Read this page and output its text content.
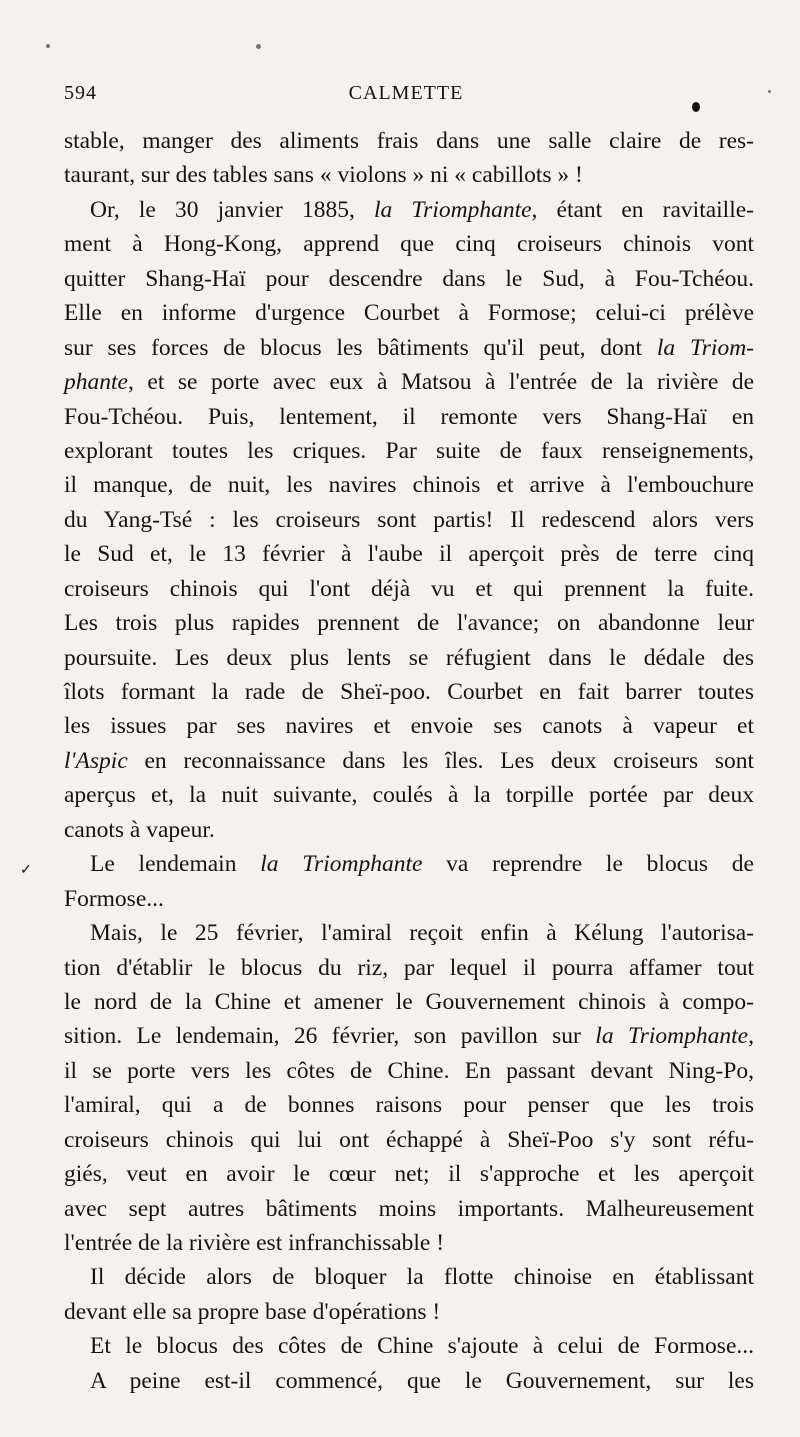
594	CALMETTE
✓
stable, manger des aliments frais dans une salle claire de res-
taurant, sur des tables sans « violons » ni « cabillots » !
Or, le 30 janvier 1885, la Triomphante, étant en ravitaille-
ment à Hong-Kong, apprend que cinq croiseurs chinois vont
quitter Shang-Haï pour descendre dans le Sud, à Fou-Tchéou.
Elle en informe d'urgence Courbet à Formose; celui-ci prélève
sur ses forces de blocus les bâtiments qu'il peut, dont la Triom-
phante, et se porte avec eux à Matsou à l'entrée de la rivière de
Fou-Tchéou. Puis, lentement, il remonte vers Shang-Haï en
explorant toutes les criques. Par suite de faux renseignements,
il manque, de nuit, les navires chinois et arrive à l'embouchure
du Yang-Tsé : les croiseurs sont partis! Il redescend alors vers
le Sud et, le 13 février à l'aube il aperçoit près de terre cinq
croiseurs chinois qui l'ont déjà vu et qui prennent la fuite.
Les trois plus rapides prennent de l'avance; on abandonne leur
poursuite. Les deux plus lents se réfugient dans le dédale des
îlots formant la rade de Sheï-poo. Courbet en fait barrer toutes
les issues par ses navires et envoie ses canots à vapeur et
l'Aspic en reconnaissance dans les îles. Les deux croiseurs sont
aperçus et, la nuit suivante, coulés à la torpille portée par deux
canots à vapeur.
Le lendemain la Triomphante va reprendre le blocus de
Formose...
Mais, le 25 février, l'amiral reçoit enfin à Kélung l'autorisa-
tion d'établir le blocus du riz, par lequel il pourra affamer tout
le nord de la Chine et amener le Gouvernement chinois à compo-
sition. Le lendemain, 26 février, son pavillon sur la Triomphante,
il se porte vers les côtes de Chine. En passant devant Ning-Po,
l'amiral, qui a de bonnes raisons pour penser que les trois
croiseurs chinois qui lui ont échappé à Sheï-Poo s'y sont réfu-
giés, veut en avoir le cœur net; il s'approche et les aperçoit
avec sept autres bâtiments moins importants. Malheureusement
l'entrée de la rivière est infranchissable !
Il décide alors de bloquer la flotte chinoise en établissant
devant elle sa propre base d'opérations !
Et le blocus des côtes de Chine s'ajoute à celui de Formose...
A peine est-il commencé, que le Gouvernement, sur les
